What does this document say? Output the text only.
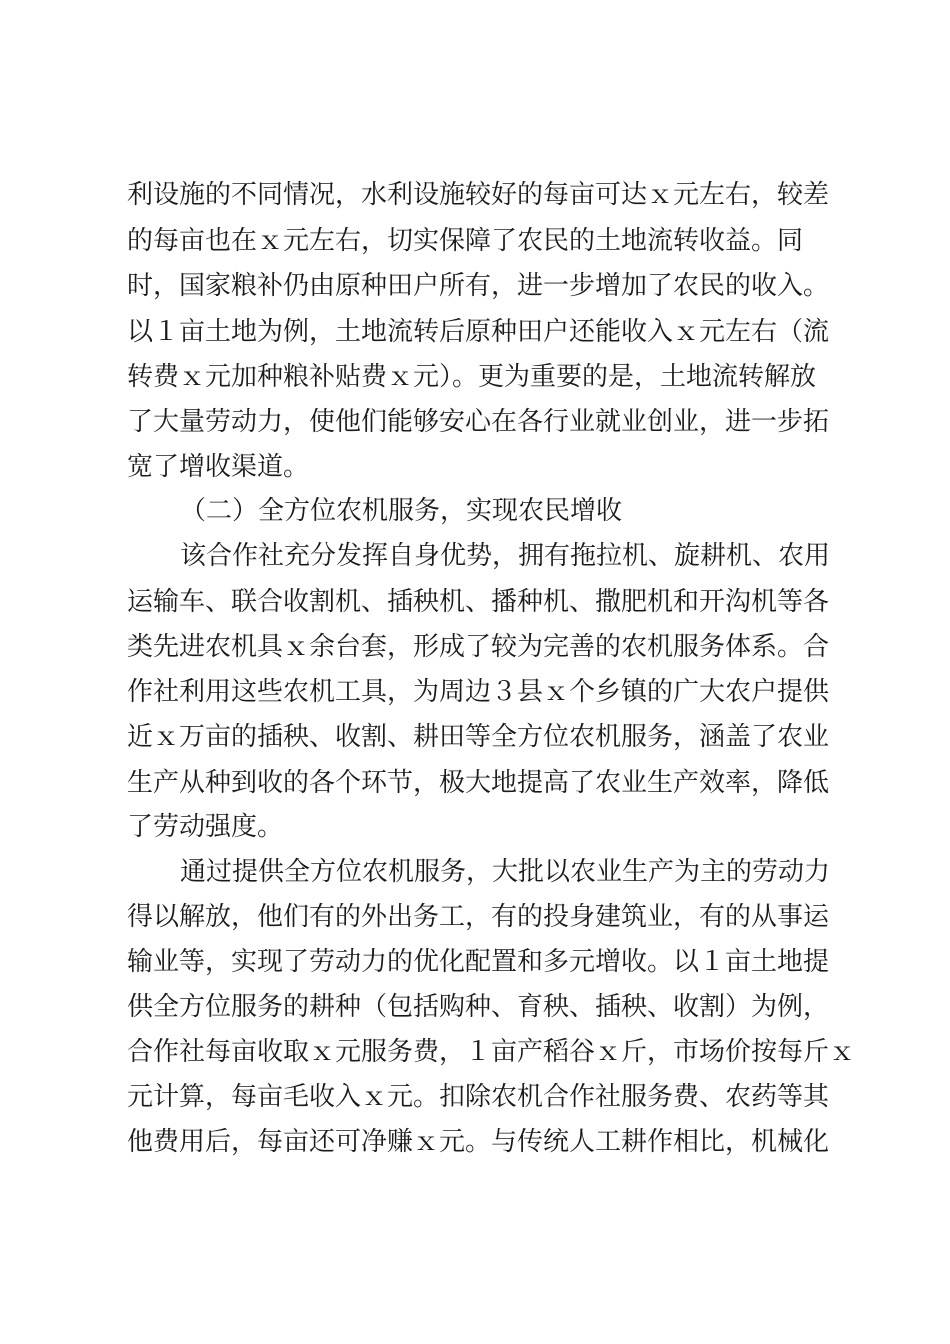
利设施的不同情况，水利设施较好的每亩可达ｘ元左右，较差
的每亩也在ｘ元左右，切实保障了农民的土地流转收益。同
时，国家粮补仍由原种田户所有，进一步增加了农民的收入。
以１亩土地为例，土地流转后原种田户还能收入ｘ元左右（流
转费ｘ元加种粮补贴费ｘ元）。更为重要的是，土地流转解放
了大量劳动力，使他们能够安心在各行业就业创业，进一步拓
宽了增收渠道。
（二）全方位农机服务，实现农民增收
该合作社充分发挥自身优势，拥有拖拉机、旋耕机、农用
运输车、联合收割机、插秧机、播种机、撒肥机和开沟机等各
类先进农机具ｘ余台套，形成了较为完善的农机服务体系。合
作社利用这些农机工具，为周边３县ｘ个乡镇的广大农户提供
近ｘ万亩的插秧、收割、耕田等全方位农机服务，涵盖了农业
生产从种到收的各个环节，极大地提高了农业生产效率，降低
了劳动强度。
通过提供全方位农机服务，大批以农业生产为主的劳动力
得以解放，他们有的外出务工，有的投身建筑业，有的从事运
输业等，实现了劳动力的优化配置和多元增收。以１亩土地提
供全方位服务的耕种（包括购种、育秧、插秧、收割）为例，
合作社每亩收取ｘ元服务费，１亩产稻谷ｘ斤，市场价按每斤ｘ
元计算，每亩毛收入ｘ元。扣除农机合作社服务费、农药等其
他费用后，每亩还可净赚ｘ元。与传统人工耕作相比，机械化
